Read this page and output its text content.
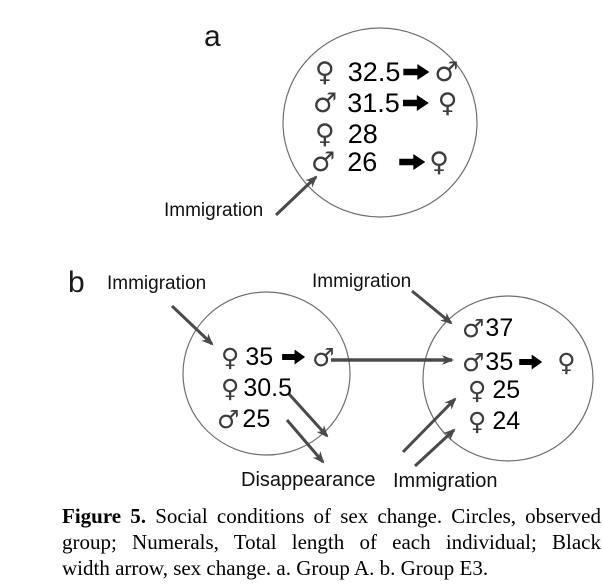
a
♀ 32.5 ♂
♂ 31.5 ♀
♀ 28
♂ 26 ♀
Immigration
b Immigration	Immigration
♀ 35 ♂
♀ 30.5
♂ 25
♂ 37
♂ 35 ♀
♀ 25
♀ 24
Disappearance Immigration
Figure 5. Social conditions of sex change. Circles, observed
group; Numerals, Total length of each individual; Black
width arrow, sex change. a. Group A. b. Group E3.
